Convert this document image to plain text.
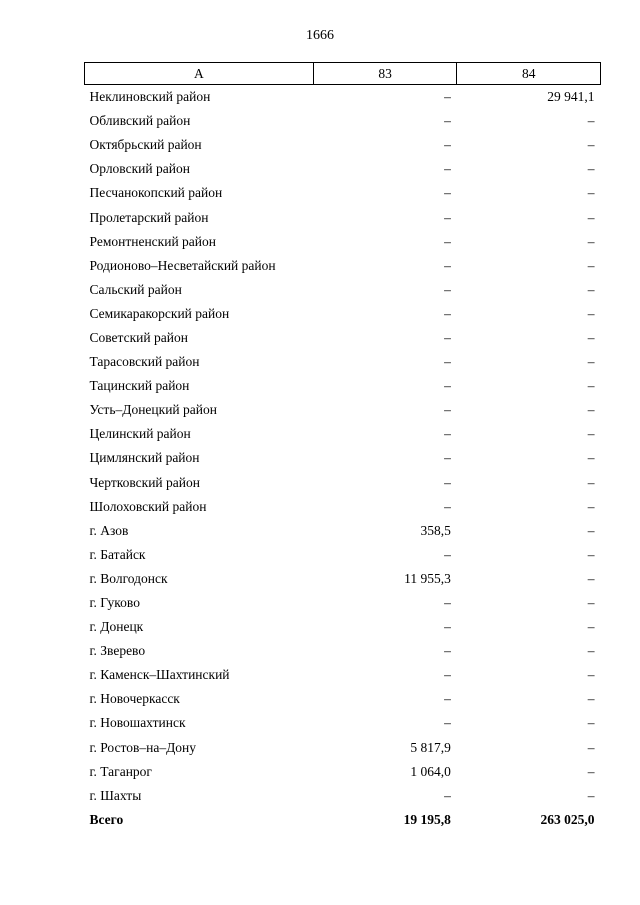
1666
А	83	84
Неклиновский район	–	29 941,1
Обливский район	–	–
Октябрьский район	–	–
Орловский район	–	–
Песчанокопский район	–	–
Пролетарский район	–	–
Ремонтненский район	–	–
Родионово–Несветайский район	–	–
Сальский район	–	–
Семикаракорский район	–	–
Советский район	–	–
Тарасовский район	–	–
Тацинский район	–	–
Усть–Донецкий район	–	–
Целинский район	–	–
Цимлянский район	–	–
Чертковский район	–	–
Шолоховский район	–	–
г. Азов	358,5	–
г. Батайск	–	–
г. Волгодонск	11 955,3	–
г. Гуково	–	–
г. Донецк	–	–
г. Зверево	–	–
г. Каменск–Шахтинский	–	–
г. Новочеркасск	–	–
г. Новошахтинск	–	–
г. Ростов–на–Дону	5 817,9	–
г. Таганрог	1 064,0	–
г. Шахты	–	–
Всего	19 195,8	263 025,0
